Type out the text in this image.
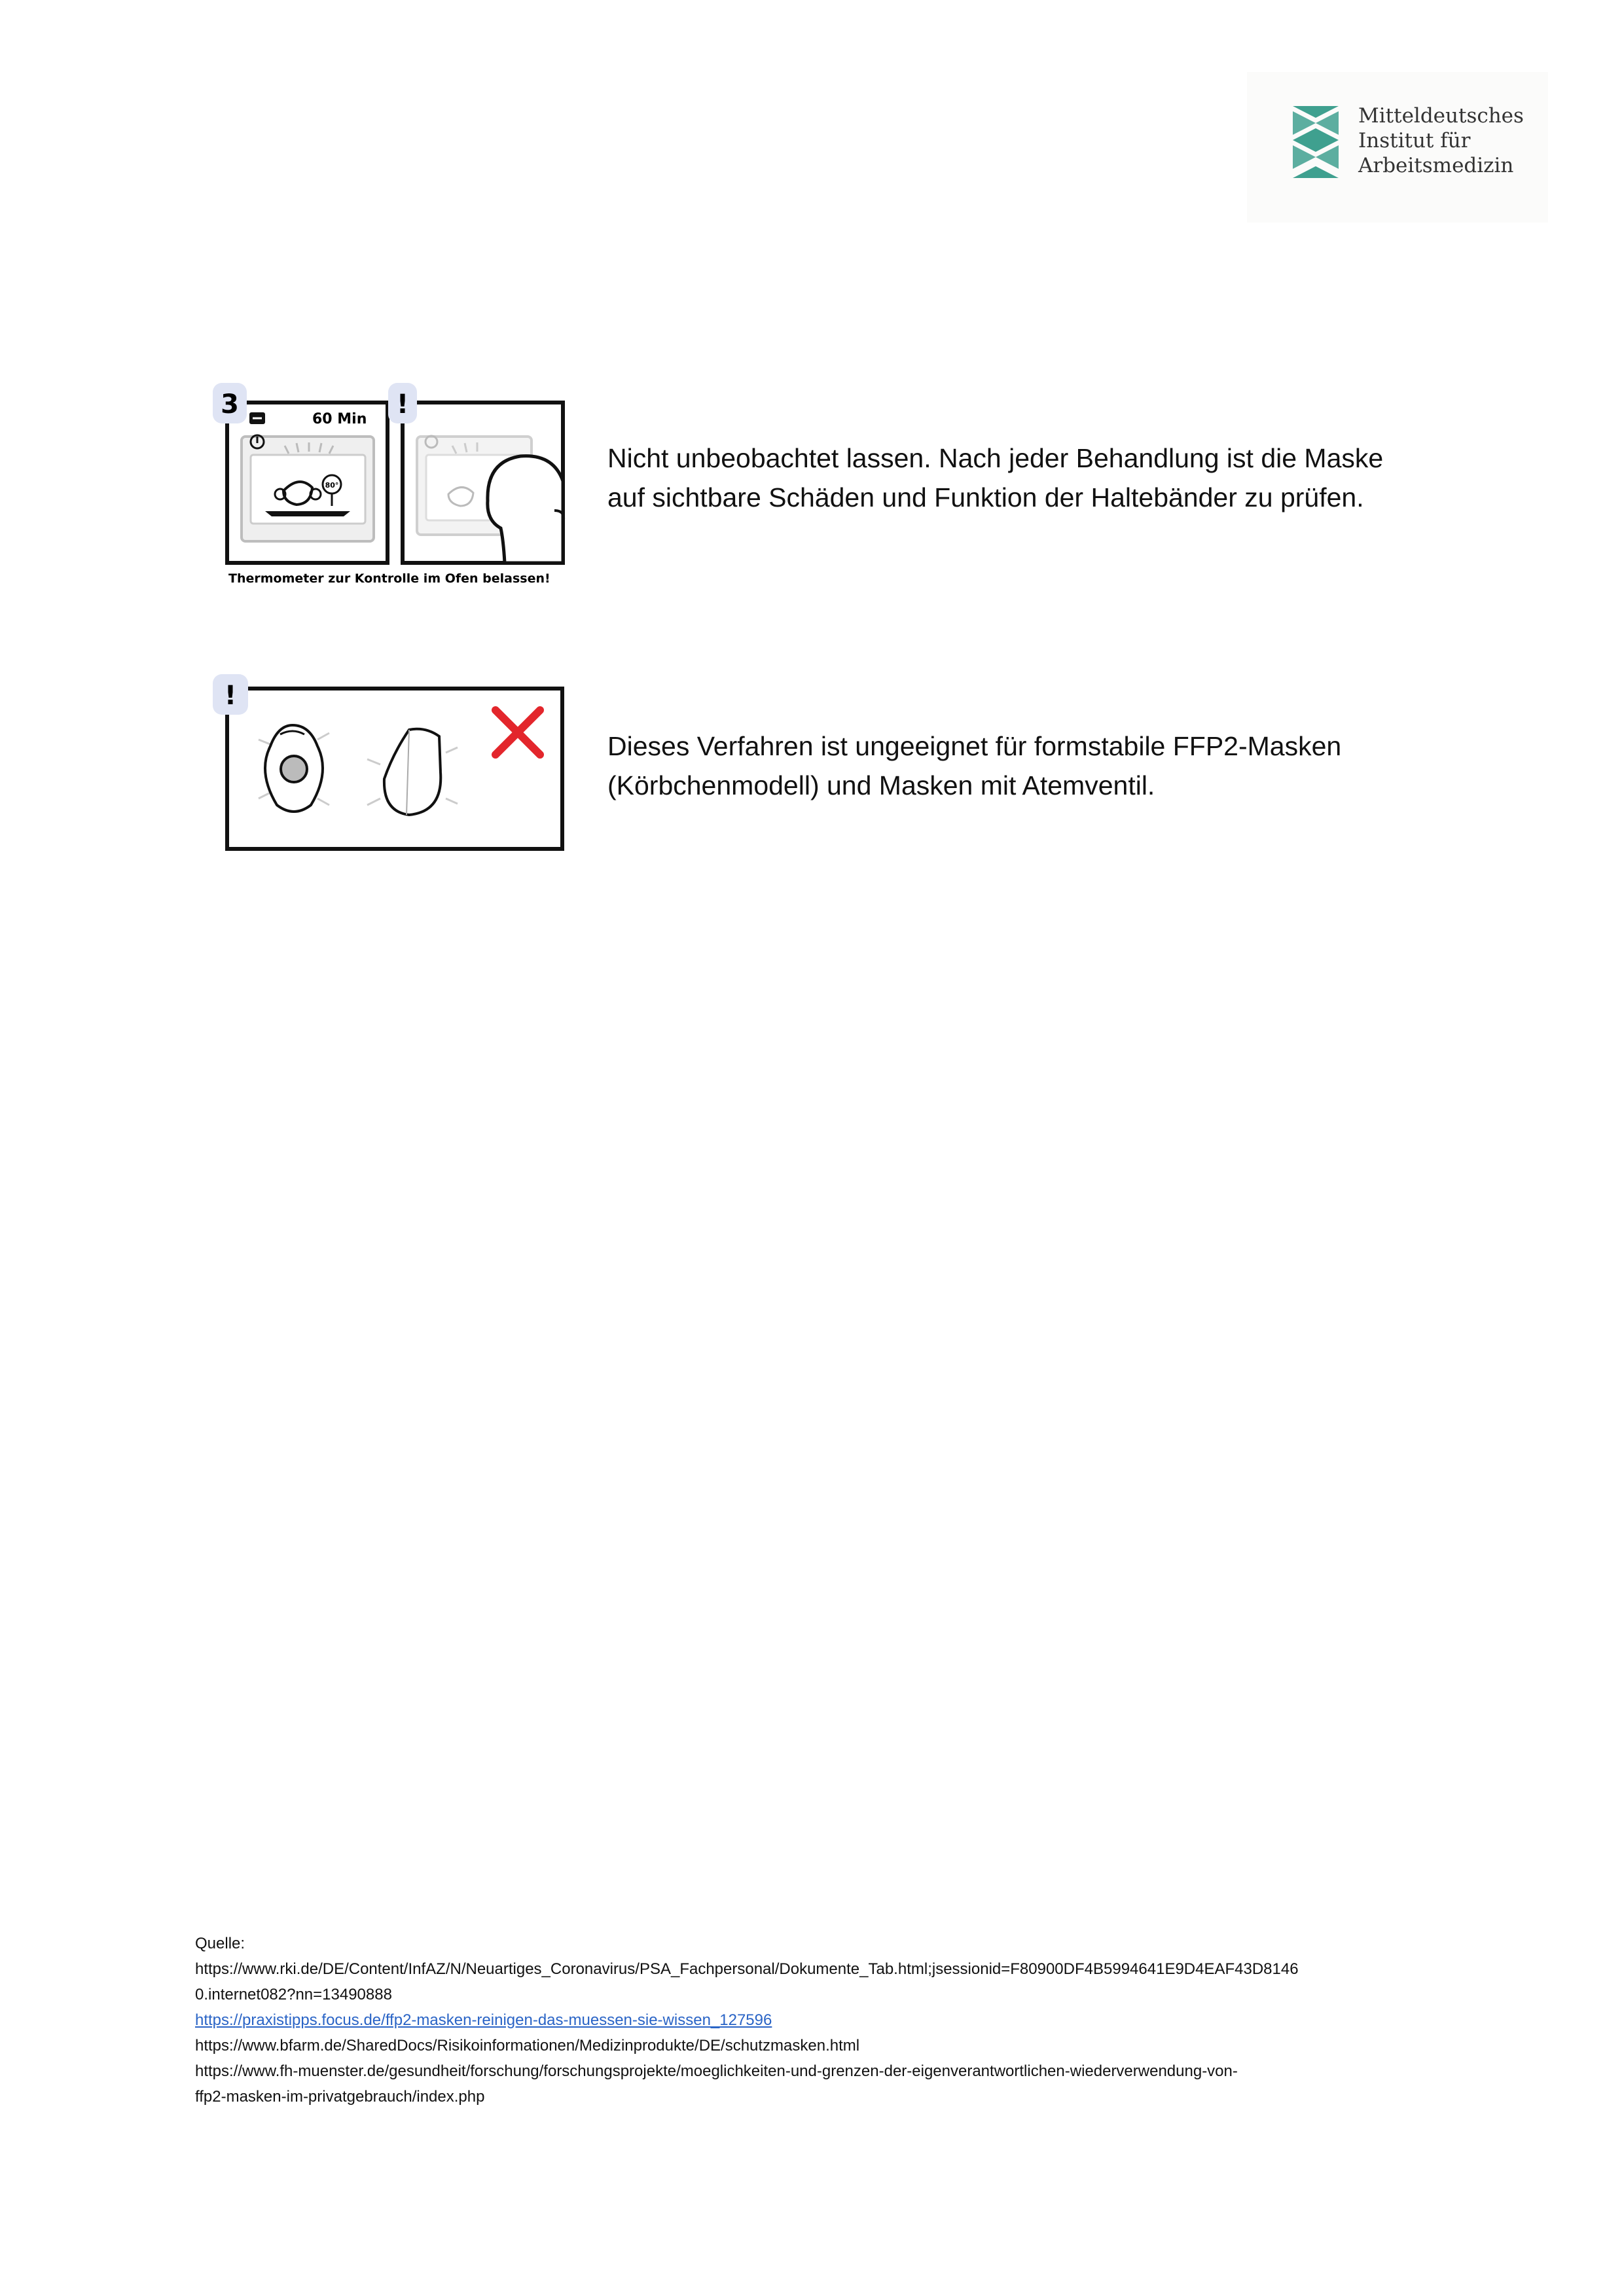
Mitteldeutsches
Institut für
Arbeitsmedizin
80°
60 Min
3	!
Thermometer zur Kontrolle im Ofen belassen!

Nicht unbeobachtet lassen. Nach jeder Behandlung ist die Maske

auf sichtbare Schäden und Funktion der Haltebänder zu prüfen.

!

Dieses Verfahren ist ungeeignet für formstabile FFP2-Masken

(Körbchenmodell) und Masken mit Atemventil.

Quelle:
https://www.rki.de/DE/Content/InfAZ/N/Neuartiges_Coronavirus/PSA_Fachpersonal/Dokumente_Tab.html;jsessionid=F80900DF4B5994641E9D4EAF43D8146
0.internet082?nn=13490888
https://praxistipps.focus.de/ffp2-masken-reinigen-das-muessen-sie-wissen_127596
https://www.bfarm.de/SharedDocs/Risikoinformationen/Medizinprodukte/DE/schutzmasken.html
https://www.fh-muenster.de/gesundheit/forschung/forschungsprojekte/moeglichkeiten-und-grenzen-der-eigenverantwortlichen-wiederverwendung-von-
ffp2-masken-im-privatgebrauch/index.php
